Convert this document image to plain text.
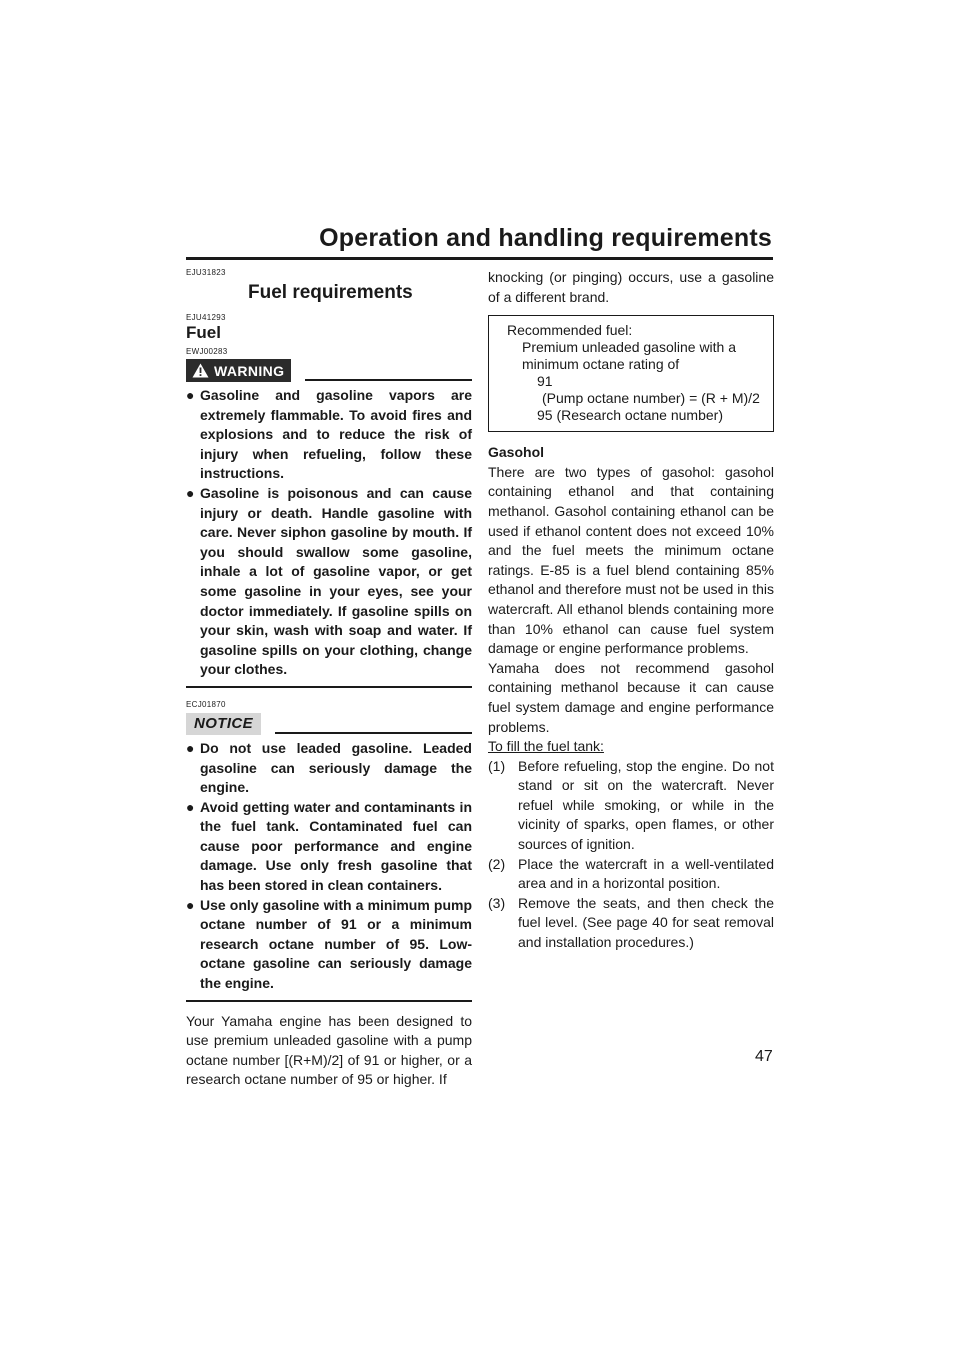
Operation and handling requirements

EJU31823

Fuel requirements

EJU41293

Fuel

EWJ00283

WARNING
● Gasoline and gasoline vapors are extremely flammable. To avoid fires and explosions and to reduce the risk of injury when refueling, follow these instructions.
● Gasoline is poisonous and can cause injury or death. Handle gasoline with care. Never siphon gasoline by mouth. If you should swallow some gasoline, inhale a lot of gasoline vapor, or get some gasoline in your eyes, see your doctor immediately. If gasoline spills on your skin, wash with soap and water. If gasoline spills on your clothing, change your clothes.

ECJ01870

NOTICE
● Do not use leaded gasoline. Leaded gasoline can seriously damage the engine.
● Avoid getting water and contaminants in the fuel tank. Contaminated fuel can cause poor performance and engine damage. Use only fresh gasoline that has been stored in clean containers.
● Use only gasoline with a minimum pump octane number of 91 or a minimum research octane number of 95. Low-octane gasoline can seriously damage the engine.

Your Yamaha engine has been designed to use premium unleaded gasoline with a pump octane number [(R+M)/2] of 91 or higher, or a research octane number of 95 or higher. If

knocking (or pinging) occurs, use a gasoline of a different brand.

Recommended fuel:
Premium unleaded gasoline with a
minimum octane rating of
91
(Pump octane number) = (R + M)/2
95 (Research octane number)

Gasohol

There are two types of gasohol: gasohol containing ethanol and that containing methanol. Gasohol containing ethanol can be used if ethanol content does not exceed 10% and the fuel meets the minimum octane ratings. E-85 is a fuel blend containing 85% ethanol and therefore must not be used in this watercraft. All ethanol blends containing more than 10% ethanol can cause fuel system damage or engine performance problems.

Yamaha does not recommend gasohol containing methanol because it can cause fuel system damage and engine performance problems.

To fill the fuel tank:

(1) Before refueling, stop the engine. Do not stand or sit on the watercraft. Never refuel while smoking, or while in the vicinity of sparks, open flames, or other sources of ignition.
(2) Place the watercraft in a well-ventilated area and in a horizontal position.
(3) Remove the seats, and then check the fuel level. (See page 40 for seat removal and installation procedures.)
47
